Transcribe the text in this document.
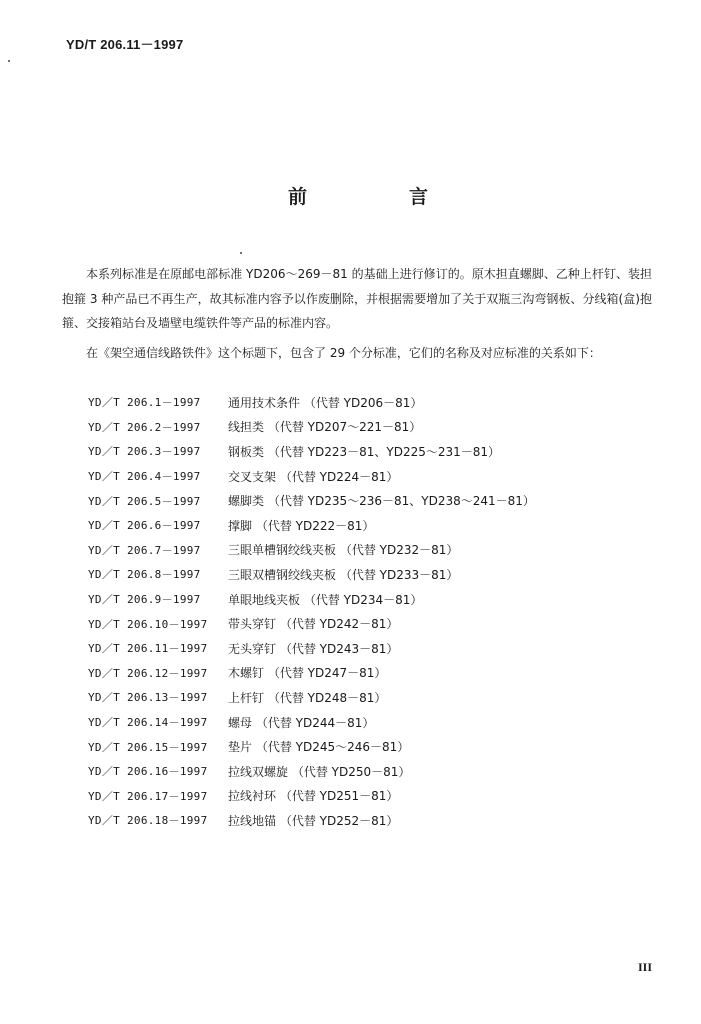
YD/T 206.11－1997
前	言

本系列标准是在原邮电部标准 YD206～269－81 的基础上进行修订的。原木担直螺脚、乙种上杆钉、装担抱箍 3 种产品已不再生产，故其标准内容予以作废删除，并根据需要增加了关于双瓶三沟弯钢板、分线箱(盒)抱箍、交接箱站台及墙壁电缆铁件等产品的标准内容。

在《架空通信线路铁件》这个标题下，包含了 29 个分标准，它们的名称及对应标准的关系如下：

YD／T 206.1－1997	通用技术条件 （代替 YD206－81）
YD／T 206.2－1997	线担类 （代替 YD207～221－81）
YD／T 206.3－1997	钢板类 （代替 YD223－81、YD225～231－81）
YD／T 206.4－1997	交叉支架 （代替 YD224－81）
YD／T 206.5－1997	螺脚类 （代替 YD235～236－81、YD238～241－81）
YD／T 206.6－1997	撑脚 （代替 YD222－81）
YD／T 206.7－1997	三眼单槽钢绞线夹板 （代替 YD232－81）
YD／T 206.8－1997	三眼双槽钢绞线夹板 （代替 YD233－81）
YD／T 206.9－1997	单眼地线夹板 （代替 YD234－81）
YD／T 206.10－1997	带头穿钉 （代替 YD242－81）
YD／T 206.11－1997	无头穿钉 （代替 YD243－81）
YD／T 206.12－1997	木螺钉 （代替 YD247－81）
YD／T 206.13－1997	上杆钉 （代替 YD248－81）
YD／T 206.14－1997	螺母 （代替 YD244－81）
YD／T 206.15－1997	垫片 （代替 YD245～246－81）
YD／T 206.16－1997	拉线双螺旋 （代替 YD250－81）
YD／T 206.17－1997	拉线衬环 （代替 YD251－81）
YD／T 206.18－1997	拉线地锚 （代替 YD252－81）
III
